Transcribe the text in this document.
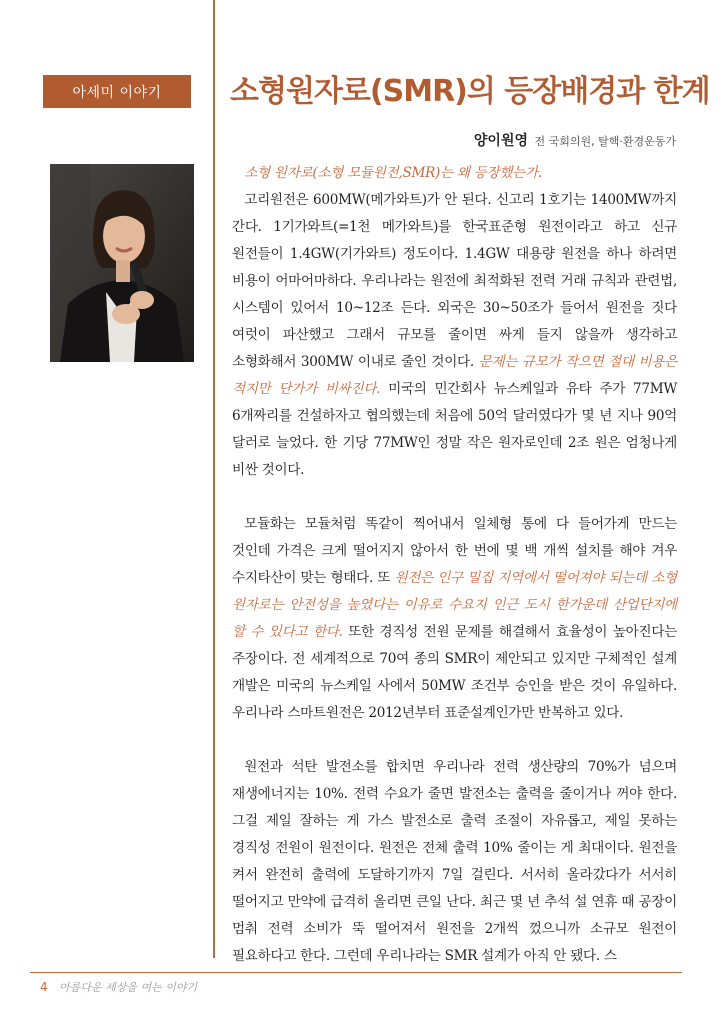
아세미 이야기	소형원자로(SMR)의 등장배경과 한계
양이원영 전 국회의원, 탈핵·환경운동가

소형 원자로(소형 모듈원전,SMR)는 왜 등장했는가.

고리원전은 600MW(메가와트)가 안 된다. 신고리 1호기는 1400MW까지 간다. 1기가와트(=1천 메가와트)를 한국표준형 원전이라고 하고 신규 원전들이 1.4GW(기가와트) 정도이다. 1.4GW 대용량 원전을 하나 하려면 비용이 어마어마하다. 우리나라는 원전에 최적화된 전력 거래 규칙과 관련법, 시스템이 있어서 10~12조 든다. 외국은 30~50조가 들어서 원전을 짓다 여럿이 파산했고 그래서 규모를 줄이면 싸게 들지 않을까 생각하고 소형화해서 300MW 이내로 줄인 것이다. 문제는 규모가 작으면 절대 비용은 적지만 단가가 비싸진다. 미국의 민간회사 뉴스케일과 유타 주가 77MW 6개짜리를 건설하자고 협의했는데 처음에 50억 달러였다가 몇 년 지나 90억 달러로 늘었다. 한 기당 77MW인 정말 작은 원자로인데 2조 원은 엄청나게 비싼 것이다.

모듈화는 모듈처럼 똑같이 찍어내서 일체형 통에 다 들어가게 만드는 것인데 가격은 크게 떨어지지 않아서 한 번에 몇 백 개씩 설치를 해야 겨우 수지타산이 맞는 형태다. 또 원전은 인구 밀집 지역에서 떨어져야 되는데 소형 원자로는 안전성을 높였다는 이유로 수요지 인근 도시 한가운데 산업단지에 할 수 있다고 한다. 또한 경직성 전원 문제를 해결해서 효율성이 높아진다는 주장이다. 전 세계적으로 70여 종의 SMR이 제안되고 있지만 구체적인 설계 개발은 미국의 뉴스케일 사에서 50MW 조건부 승인을 받은 것이 유일하다. 우리나라 스마트원전은 2012년부터 표준설계인가만 반복하고 있다.

원전과 석탄 발전소를 합치면 우리나라 전력 생산량의 70%가 넘으며 재생에너지는 10%. 전력 수요가 줄면 발전소는 출력을 줄이거나 꺼야 한다. 그걸 제일 잘하는 게 가스 발전소로 출력 조절이 자유롭고, 제일 못하는 경직성 전원이 원전이다. 원전은 전체 출력 10% 줄이는 게 최대이다. 원전을 켜서 완전히 출력에 도달하기까지 7일 걸린다. 서서히 올라갔다가 서서히 떨어지고 만약에 급격히 올리면 큰일 난다. 최근 몇 년 추석 설 연휴 때 공장이 멈춰 전력 소비가 뚝 떨어져서 원전을 2개씩 껐으니까 소규모 원전이 필요하다고 한다. 그런데 우리나라는 SMR 설계가 아직 안 됐다. 스

4 아름다운 세상을 여는 이야기
